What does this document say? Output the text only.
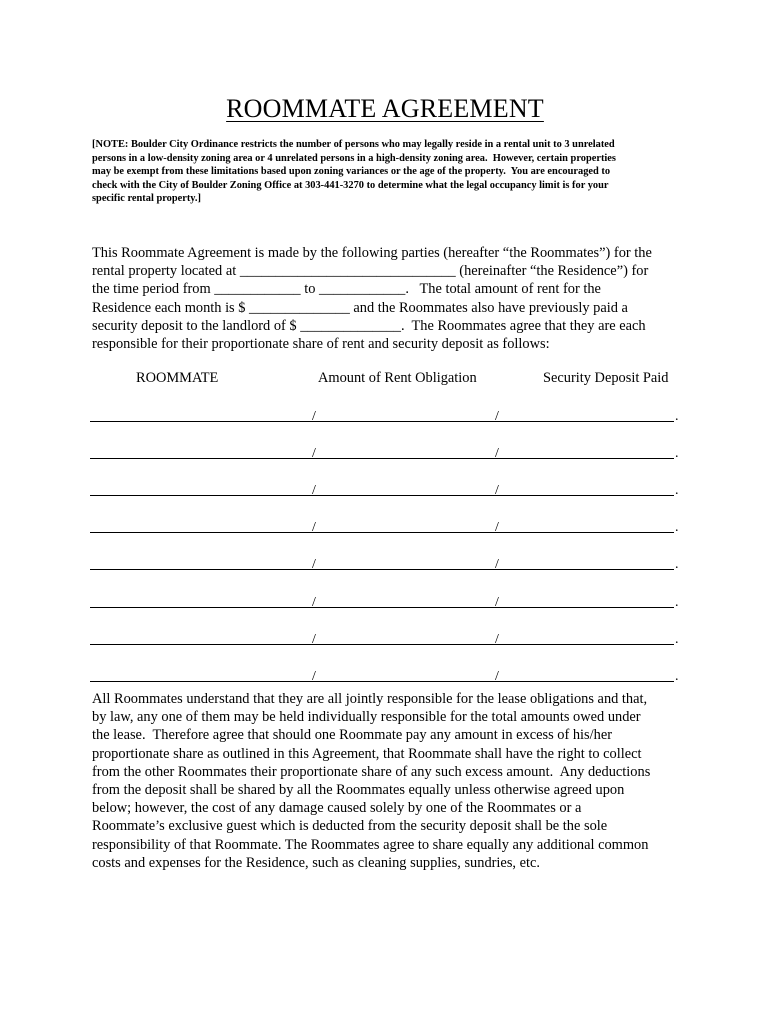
ROOMMATE AGREEMENT
[NOTE: Boulder City Ordinance restricts the number of persons who may legally reside in a rental unit to 3 unrelated
persons in a low-density zoning area or 4 unrelated persons in a high-density zoning area.  However, certain properties
may be exempt from these limitations based upon zoning variances or the age of the property.  You are encouraged to
check with the City of Boulder Zoning Office at 303-441-3270 to determine what the legal occupancy limit is for your
specific rental property.]
This Roommate Agreement is made by the following parties (hereafter “the Roommates”) for the
rental property located at ______________________________ (hereinafter “the Residence”) for
the time period from ____________ to ____________.   The total amount of rent for the
Residence each month is $ ______________ and the Roommates also have previously paid a
security deposit to the landlord of $ ______________.  The Roommates agree that they are each
responsible for their proportionate share of rent and security deposit as follows:
ROOMMATE	Amount of Rent Obligation	Security Deposit Paid
/	/	.
/	/	.
/	/	.
/	/	.
/	/	.
/	/	.
/	/	.
/	/	.
All Roommates understand that they are all jointly responsible for the lease obligations and that,
by law, any one of them may be held individually responsible for the total amounts owed under
the lease.  Therefore agree that should one Roommate pay any amount in excess of his/her
proportionate share as outlined in this Agreement, that Roommate shall have the right to collect
from the other Roommates their proportionate share of any such excess amount.  Any deductions
from the deposit shall be shared by all the Roommates equally unless otherwise agreed upon
below; however, the cost of any damage caused solely by one of the Roommates or a
Roommate’s exclusive guest which is deducted from the security deposit shall be the sole
responsibility of that Roommate. The Roommates agree to share equally any additional common
costs and expenses for the Residence, such as cleaning supplies, sundries, etc.
